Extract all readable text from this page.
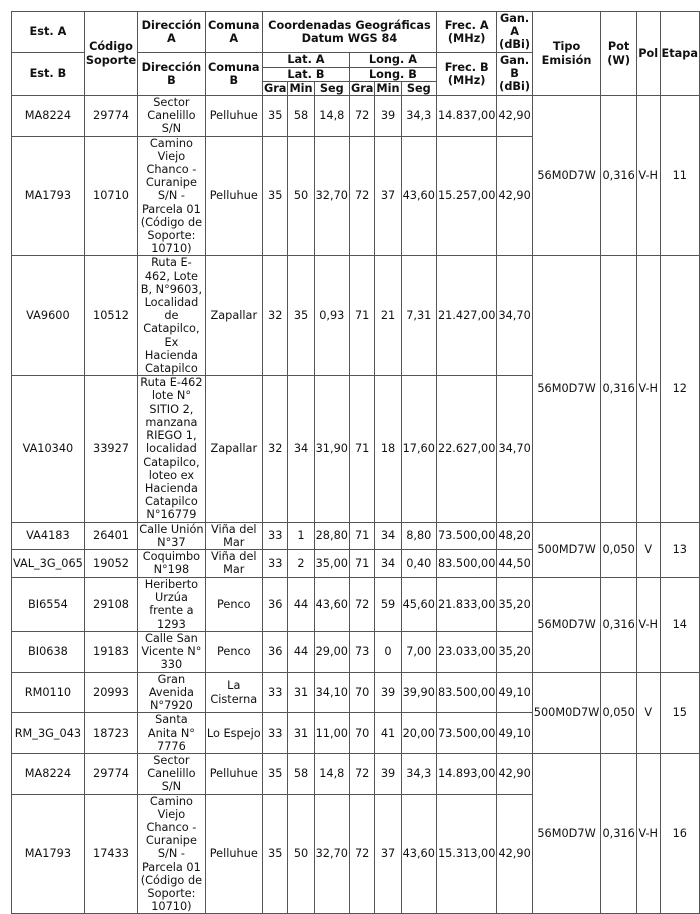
Est. A	Código Soporte	Dirección A	Comuna A	Coordenadas Geográficas Datum WGS 84						Frec. A (MHz)	Gan. A (dBi)	Tipo Emisión	Pot (W)	Pol	Etapa
Est. B		Dirección B	Comuna B	Lat. A			Long. A			Frec. B (MHz)	Gan. B (dBi)				
				Lat. B			Long. B								
				Gra	Min	Seg	Gra	Min	Seg						
MA8224	29774	Sector Canelillo S/N	Pelluhue	35	58	14,8	72	39	34,3	14.837,00	42,90	56M0D7W	0,316	V-H	11
MA1793	10710	Camino Viejo Chanco - Curanipe S/N - Parcela 01 (Código de Soporte: 10710)	Pelluhue	35	50	32,70	72	37	43,60	15.257,00	42,90				
VA9600	10512	Ruta E-462, Lote B, N°9603, Localidad de Catapilco, Ex Hacienda Catapilco	Zapallar	32	35	0,93	71	21	7,31	21.427,00	34,70	56M0D7W	0,316	V-H	12
VA10340	33927	Ruta E-462 lote N° SITIO 2, manzana RIEGO 1, localidad Catapilco, loteo ex Hacienda Catapilco N°16779	Zapallar	32	34	31,90	71	18	17,60	22.627,00	34,70				
VA4183	26401	Calle Unión N°37	Viña del Mar	33	1	28,80	71	34	8,80	73.500,00	48,20	500MD7W	0,050	V	13
VAL_3G_065	19052	Coquimbo N°198	Viña del Mar	33	2	35,00	71	34	0,40	83.500,00	44,50				
BI6554	29108	Heriberto Urzúa frente a 1293	Penco	36	44	43,60	72	59	45,60	21.833,00	35,20	56M0D7W	0,316	V-H	14
BI0638	19183	Calle San Vicente N° 330	Penco	36	44	29,00	73	0	7,00	23.033,00	35,20				
RM0110	20993	Gran Avenida N°7920	La Cisterna	33	31	34,10	70	39	39,90	83.500,00	49,10	500M0D7W	0,050	V	15
RM_3G_043	18723	Santa Anita N° 7776	Lo Espejo	33	31	11,00	70	41	20,00	73.500,00	49,10				
MA8224	29774	Sector Canelillo S/N	Pelluhue	35	58	14,8	72	39	34,3	14.893,00	42,90	56M0D7W	0,316	V-H	16
MA1793	17433	Camino Viejo Chanco - Curanipe S/N - Parcela 01 (Código de Soporte: 10710)	Pelluhue	35	50	32,70	72	37	43,60	15.313,00	42,90				
